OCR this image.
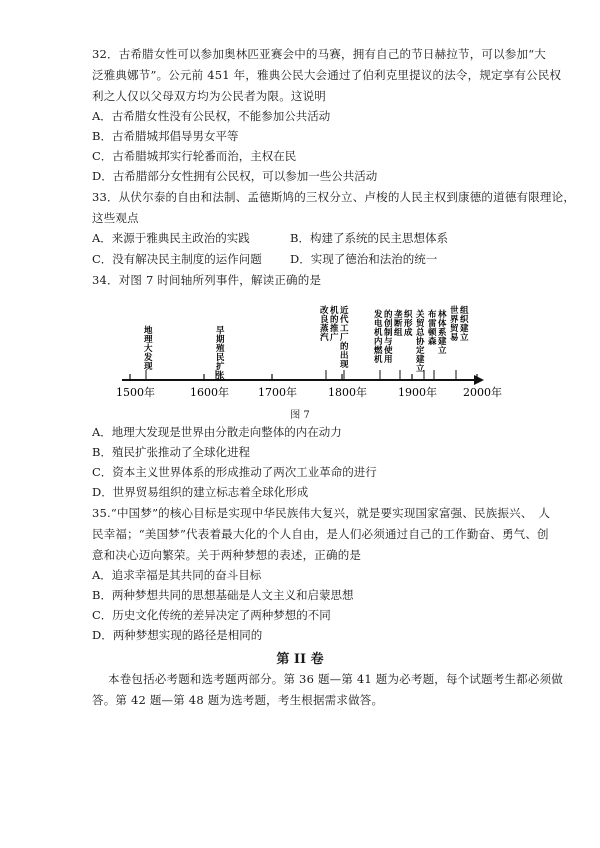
32．古希腊女性可以参加奥林匹亚赛会中的马赛，拥有自己的节日赫拉节，可以参加“大
泛雅典娜节”。公元前 451 年，雅典公民大会通过了伯利克里提议的法令，规定享有公民权
利之人仅以父母双方均为公民者为限。这说明
A．古希腊女性没有公民权，不能参加公共活动
B．古希腊城邦倡导男女平等
C．古希腊城邦实行轮番而治，主权在民
D．古希腊部分女性拥有公民权，可以参加一些公共活动
33．从伏尔泰的自由和法制、孟德斯鸠的三权分立、卢梭的人民主权到康德的道德有限理论，
这些观点
A．来源于雅典民主政治的实践	B．构建了系统的民主思想体系
C．没有解决民主制度的运作问题 D．实现了德治和法治的统一
34．对图 7 时间轴所列事件，解读正确的是
1500年	1600年	1700年	1800年	1900年 2000年
地理大发现
早期殖民扩张
改良蒸汽机的推广
近代工厂的出现
发电机内燃机的创制与使用
垄断组织形成
关贸总协定建立
布雷顿森林体系建立
世界贸易组织建立
图 7
A．地理大发现是世界由分散走向整体的内在动力
B．殖民扩张推动了全球化进程
C．资本主义世界体系的形成推动了两次工业革命的进行
D．世界贸易组织的建立标志着全球化形成
35.“中国梦”的核心目标是实现中华民族伟大复兴，就是要实现国家富强、民族振兴、　人
民幸福；“美国梦”代表着最大化的个人自由，是人们必须通过自己的工作勤奋、勇气、创
意和决心迈向繁荣。关于两种梦想的表述，正确的是
A．追求幸福是其共同的奋斗目标
B．两种梦想共同的思想基础是人文主义和启蒙思想
C．历史文化传统的差异决定了两种梦想的不同
D．两种梦想实现的路径是相同的
第 II 卷
本卷包括必考题和选考题两部分。第 36 题—第 41 题为必考题，每个试题考生都必须做
答。第 42 题—第 48 题为选考题，考生根据需求做答。
